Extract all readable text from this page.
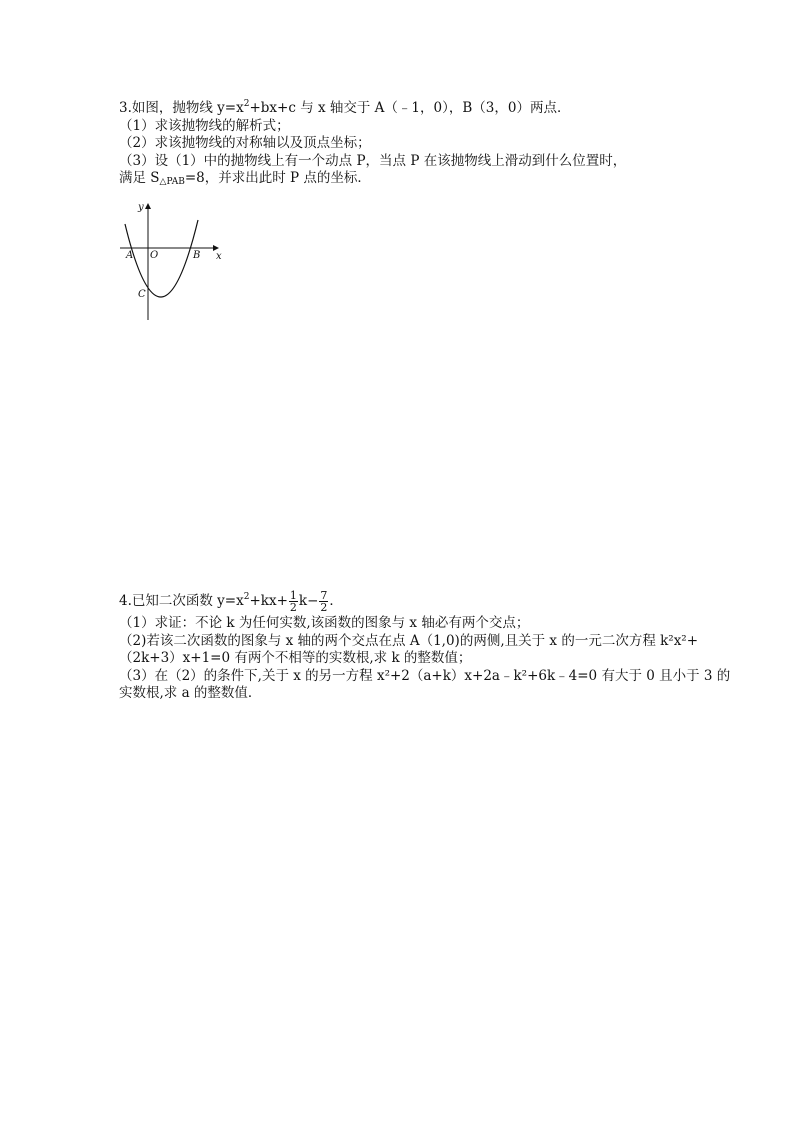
3.如图，抛物线 $y=x^2+bx+c$ 与 x 轴交于 A（﹣1，0），B（3，0）两点．
（1）求该抛物线的解析式；
（2）求该抛物线的对称轴以及顶点坐标；
（3）设（1）中的抛物线上有一个动点 P，当点 P 在该抛物线上滑动到什么位置时，
满足 $S_{\triangle PAB}=8$，并求出此时 P 点的坐标．
y
x
A O	B
C
4.已知二次函数 $y=x^2+kx+ \frac{1}{2} k- \frac{7}{2}$ ．
（1）求证：不论 k 为任何实数,该函数的图象与 x 轴必有两个交点；
（2)若该二次函数的图象与 x 轴的两个交点在点 A（1,0)的两侧,且关于 x 的一元二次方程 k²x²+
（2k+3）x+1=0 有两个不相等的实数根,求 k 的整数值；
（3）在（2）的条件下,关于 x 的另一方程 x²+2（a+k）x+2a﹣k²+6k﹣4=0 有大于 0 且小于 3 的
实数根,求 a 的整数值．
